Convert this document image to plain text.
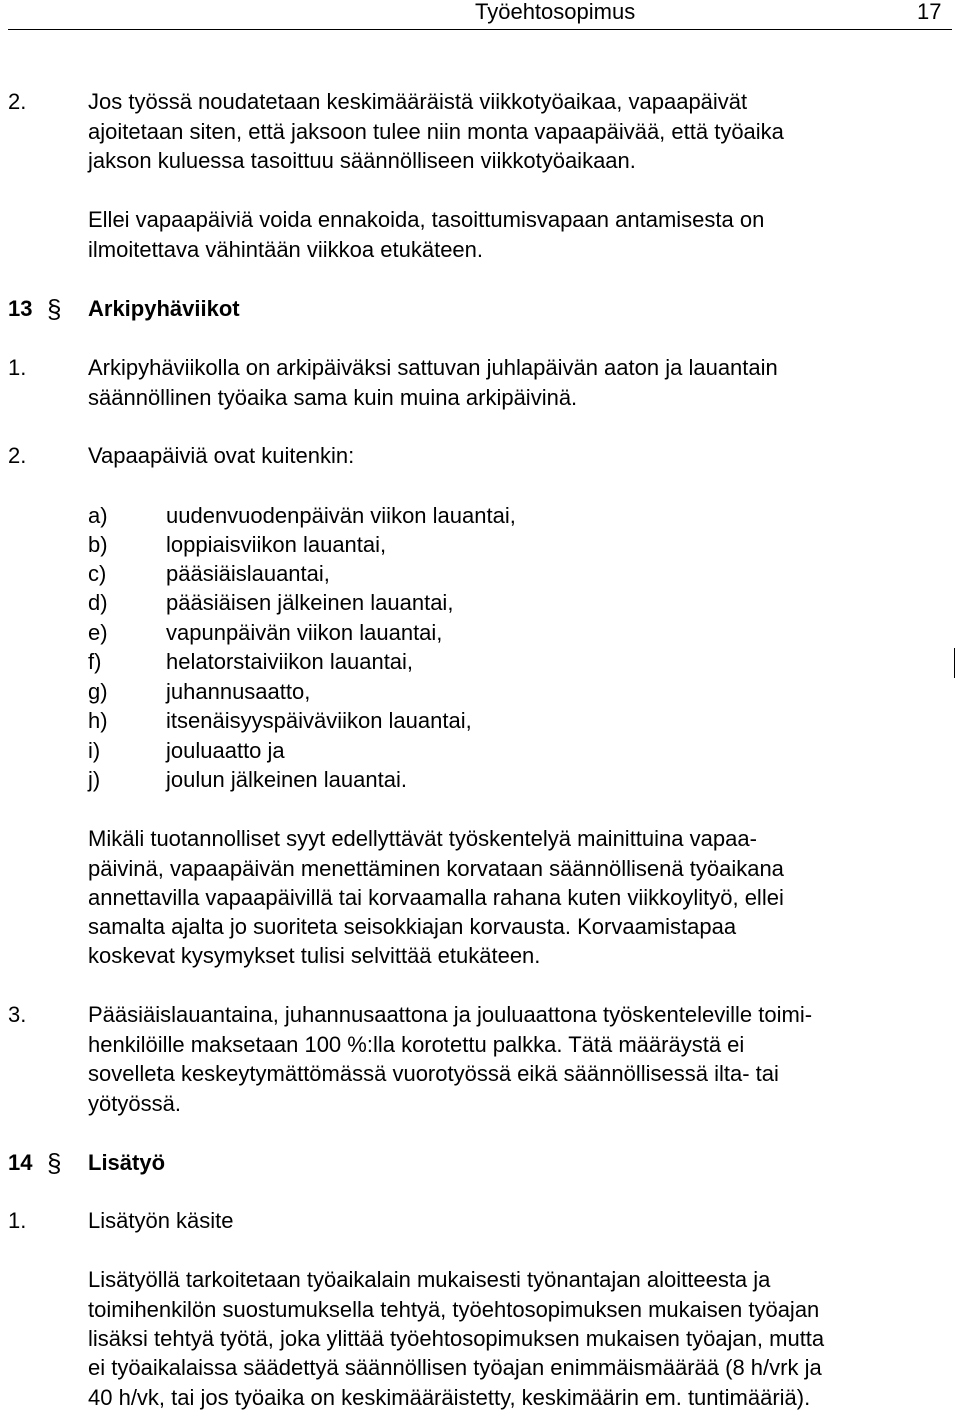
Työehtosopimus	17
2.	Jos työssä noudatetaan keskimääräistä viikkotyöaikaa, vapaapäivät
ajoitetaan siten, että jaksoon tulee niin monta vapaapäivää, että työaika
jakson kuluessa tasoittuu säännölliseen viikkotyöaikaan.
Ellei vapaapäiviä voida ennakoida, tasoittumisvapaan antamisesta on
ilmoitettava vähintään viikkoa etukäteen.
13 § Arkipyhäviikot
1.	Arkipyhäviikolla on arkipäiväksi sattuvan juhlapäivän aaton ja lauantain
säännöllinen työaika sama kuin muina arkipäivinä.
2.	Vapaapäiviä ovat kuitenkin:
a)	uudenvuodenpäivän viikon lauantai,
b)	loppiaisviikon lauantai,
c)	pääsiäislauantai,
d)	pääsiäisen jälkeinen lauantai,
e)	vapunpäivän viikon lauantai,
f)	helatorstaiviikon lauantai,
g)	juhannusaatto,
h)	itsenäisyyspäiväviikon lauantai,
i)	jouluaatto ja
j)	joulun jälkeinen lauantai.
Mikäli tuotannolliset syyt edellyttävät työskentelyä mainittuina vapaa-
päivinä, vapaapäivän menettäminen korvataan säännöllisenä työaikana
annettavilla vapaapäivillä tai korvaamalla rahana kuten viikkoylityö, ellei
samalta ajalta jo suoriteta seisokkiajan korvausta. Korvaamistapaa
koskevat kysymykset tulisi selvittää etukäteen.
3.	Pääsiäislauantaina, juhannusaattona ja jouluaattona työskenteleville toimi-
henkilöille maksetaan 100 %:lla korotettu palkka. Tätä määräystä ei
sovelleta keskeytymättömässä vuorotyössä eikä säännöllisessä ilta- tai
yötyössä.
14 § Lisätyö
1.	Lisätyön käsite
Lisätyöllä tarkoitetaan työaikalain mukaisesti työnantajan aloitteesta ja
toimihenkilön suostumuksella tehtyä, työehtosopimuksen mukaisen työajan
lisäksi tehtyä työtä, joka ylittää työehtosopimuksen mukaisen työajan, mutta
ei työaikalaissa säädettyä säännöllisen työajan enimmäismäärää (8 h/vrk ja
40 h/vk, tai jos työaika on keskimääräistetty, keskimäärin em. tuntimääriä).
